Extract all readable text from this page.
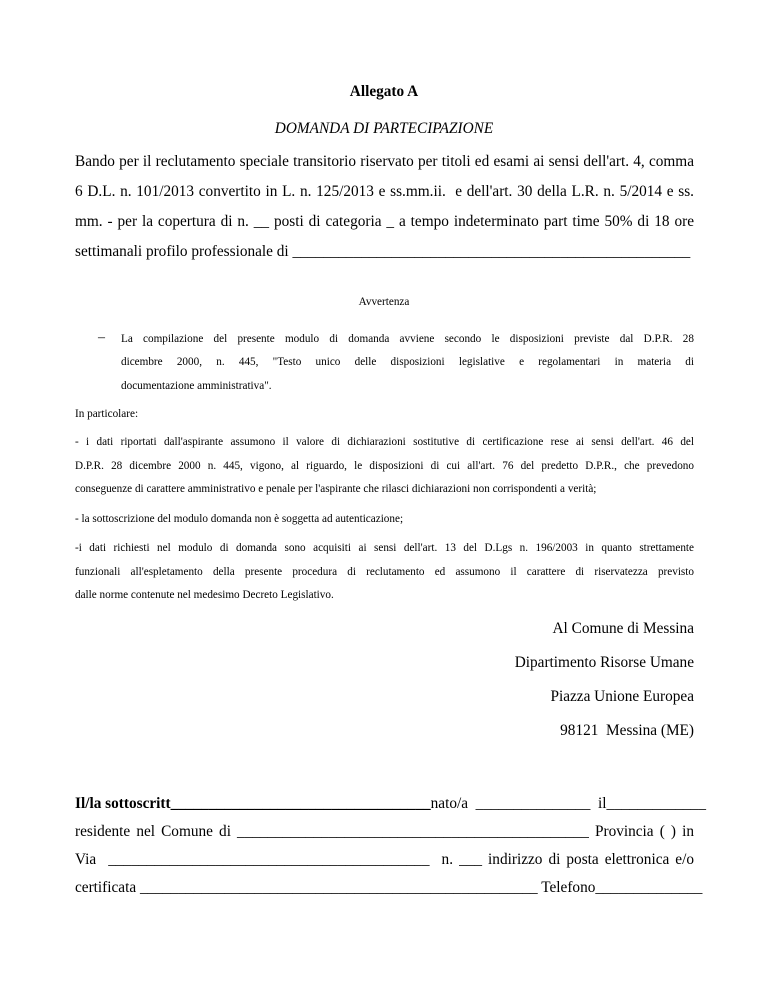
Allegato A
DOMANDA DI PARTECIPAZIONE
Bando per il reclutamento speciale transitorio riservato per titoli ed esami ai sensi dell'art. 4, comma
6 D.L. n. 101/2013 convertito in L. n. 125/2013 e ss.mm.ii.  e dell'art. 30 della L.R. n. 5/2014 e ss.
mm. - per la copertura di n. __ posti di categoria _ a tempo indeterminato part time 50% di 18 ore
settimanali profilo professionale di ____________________________________________________
Avvertenza
– La compilazione del presente modulo di domanda avviene secondo le disposizioni previste dal D.P.R. 28
dicembre 2000, n. 445, "Testo unico delle disposizioni legislative e regolamentari in materia di
documentazione amministrativa".
In particolare:
- i dati riportati dall'aspirante assumono il valore di dichiarazioni sostitutive di certificazione rese ai sensi dell'art. 46 del
D.P.R. 28 dicembre 2000 n. 445, vigono, al riguardo, le disposizioni di cui all'art. 76 del predetto D.P.R., che prevedono
conseguenze di carattere amministrativo e penale per l'aspirante che rilasci dichiarazioni non corrispondenti a verità;
- la sottoscrizione del modulo domanda non è soggetta ad autenticazione;
-i dati richiesti nel modulo di domanda sono acquisiti ai sensi dell'art. 13 del D.Lgs n. 196/2003 in quanto strettamente
funzionali all'espletamento della presente procedura di reclutamento ed assumono il carattere di riservatezza previsto
dalle norme contenute nel medesimo Decreto Legislativo.
Al Comune di Messina
Dipartimento Risorse Umane
Piazza Unione Europea
98121  Messina (ME)
Il/la sottoscritt__________________________________ nato/a  _______________  il_____________
residente nel Comune di ______________________________________________ Provincia ( ) in
Via  __________________________________________  n. ___ indirizzo di posta elettronica e/o
certificata ____________________________________________________ Telefono______________
